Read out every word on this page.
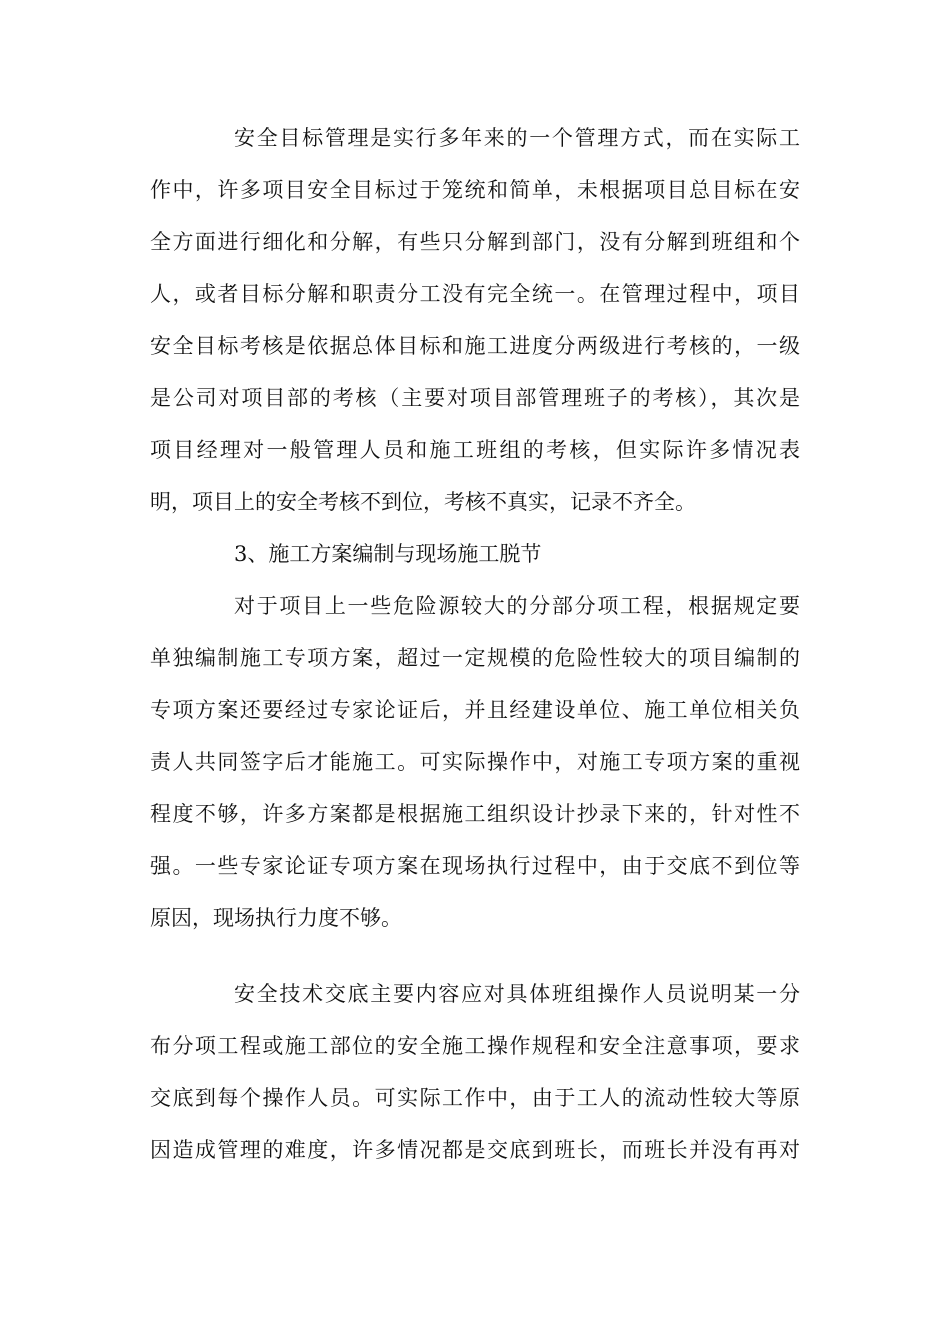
安全目标管理是实行多年来的一个管理方式，而在实际工
作中，许多项目安全目标过于笼统和简单，未根据项目总目标在安
全方面进行细化和分解，有些只分解到部门，没有分解到班组和个
人，或者目标分解和职责分工没有完全统一。在管理过程中，项目
安全目标考核是依据总体目标和施工进度分两级进行考核的，一级
是公司对项目部的考核（主要对项目部管理班子的考核），其次是
项目经理对一般管理人员和施工班组的考核，但实际许多情况表
明，项目上的安全考核不到位，考核不真实，记录不齐全。
3、施工方案编制与现场施工脱节
对于项目上一些危险源较大的分部分项工程，根据规定要
单独编制施工专项方案，超过一定规模的危险性较大的项目编制的
专项方案还要经过专家论证后，并且经建设单位、施工单位相关负
责人共同签字后才能施工。可实际操作中，对施工专项方案的重视
程度不够，许多方案都是根据施工组织设计抄录下来的，针对性不
强。一些专家论证专项方案在现场执行过程中，由于交底不到位等
原因，现场执行力度不够。
安全技术交底主要内容应对具体班组操作人员说明某一分
布分项工程或施工部位的安全施工操作规程和安全注意事项，要求
交底到每个操作人员。可实际工作中，由于工人的流动性较大等原
因造成管理的难度，许多情况都是交底到班长，而班长并没有再对
